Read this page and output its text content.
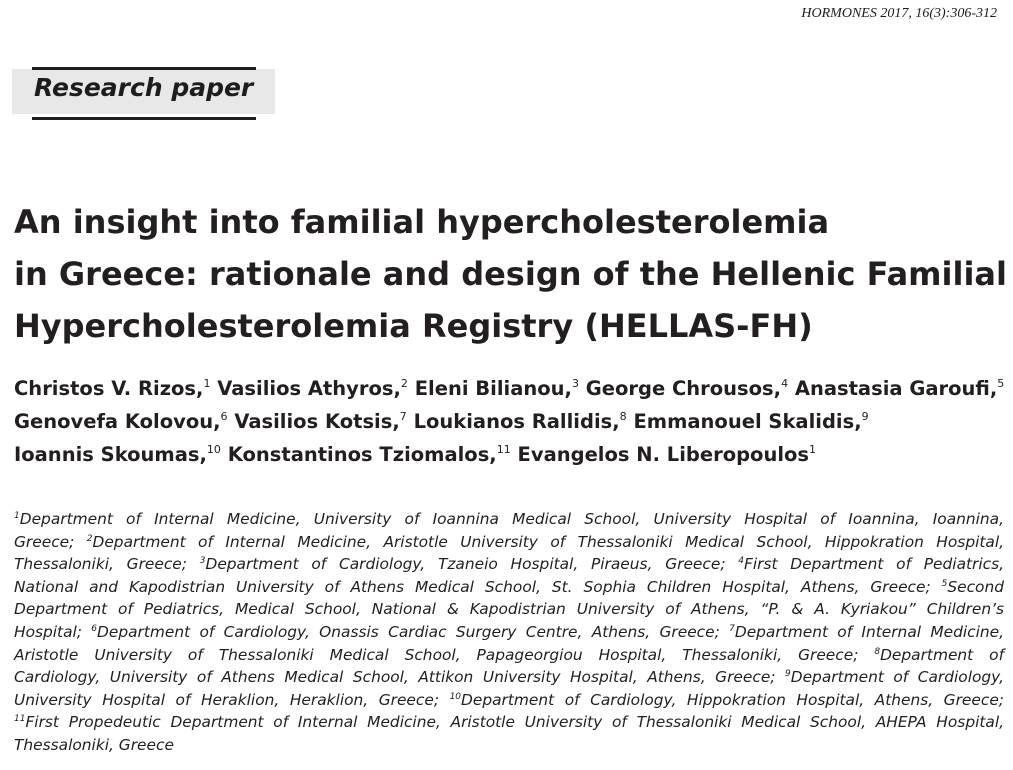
HORMONES 2017, 16(3):306-312
Research paper
An insight into familial hypercholesterolemia
in Greece: rationale and design of the Hellenic Familial
Hypercholesterolemia Registry (HELLAS-FH)
Christos V. Rizos,$^1$ Vasilios Athyros,$^2$ Eleni Bilianou,$^3$ George Chrousos,$^4$ Anastasia Garoufi,$^5$
Genovefa Kolovou,$^6$ Vasilios Kotsis,$^7$ Loukianos Rallidis,$^8$ Emmanouel Skalidis,$^9$
Ioannis Skoumas,$^{10}$ Konstantinos Tziomalos,$^{11}$ Evangelos N. Liberopoulos$^1$
$^1$Department of Internal Medicine, University of Ioannina Medical School, University Hospital of Ioannina, Ioannina,
Greece; $^2$Department of Internal Medicine, Aristotle University of Thessaloniki Medical School, Hippokration Hospital,
Thessaloniki, Greece; $^3$Department of Cardiology, Tzaneio Hospital, Piraeus, Greece; $^4$First Department of Pediatrics,
National and Kapodistrian University of Athens Medical School, St. Sophia Children Hospital, Athens, Greece; $^5$Second
Department of Pediatrics, Medical School, National & Kapodistrian University of Athens, “P. & A. Kyriakou” Children’s
Hospital; $^6$Department of Cardiology, Onassis Cardiac Surgery Centre, Athens, Greece; $^7$Department of Internal Medicine,
Aristotle University of Thessaloniki Medical School, Papageorgiou Hospital, Thessaloniki, Greece; $^8$Department of
Cardiology, University of Athens Medical School, Attikon University Hospital, Athens, Greece; $^9$Department of Cardiology,
University Hospital of Heraklion, Heraklion, Greece; $^{10}$Department of Cardiology, Hippokration Hospital, Athens, Greece;
$^{11}$First Propedeutic Department of Internal Medicine, Aristotle University of Thessaloniki Medical School, AHEPA Hospital,
Thessaloniki, Greece
